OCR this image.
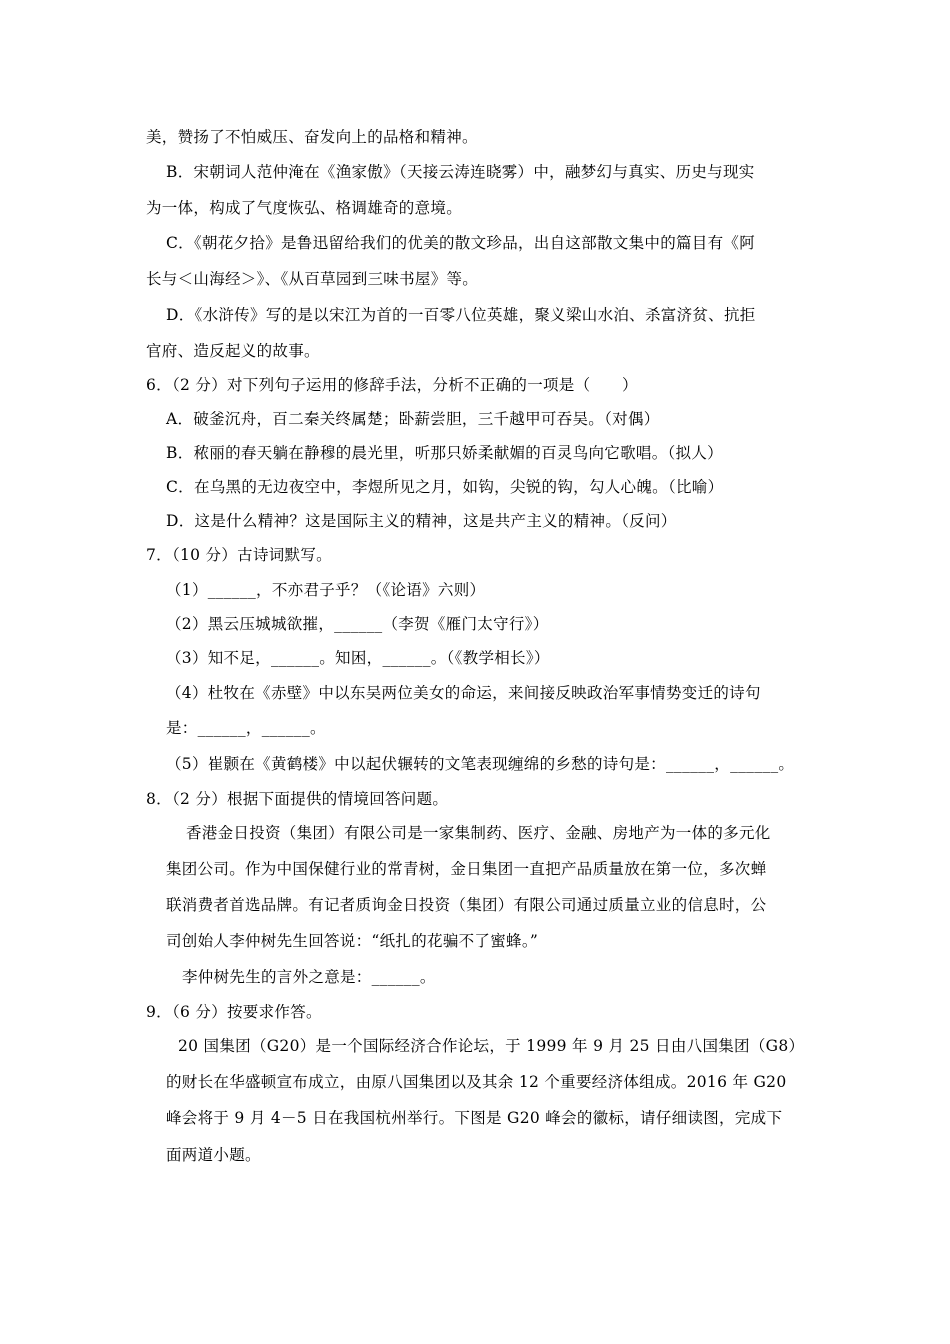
美，赞扬了不怕威压、奋发向上的品格和精神。
B．宋朝词人范仲淹在《渔家傲》（天接云涛连晓雾）中，融梦幻与真实、历史与现实
为一体，构成了气度恢弘、格调雄奇的意境。
C．《朝花夕拾》是鲁迅留给我们的优美的散文珍品，出自这部散文集中的篇目有《阿
长与＜山海经＞》、《从百草园到三味书屋》等。
D．《水浒传》写的是以宋江为首的一百零八位英雄，聚义梁山水泊、杀富济贫、抗拒
官府、造反起义的故事。
6．（2 分）对下列句子运用的修辞手法，分析不正确的一项是（　　）
A．破釜沉舟，百二秦关终属楚；卧薪尝胆，三千越甲可吞吴。（对偶）
B．秾丽的春天躺在静穆的晨光里，听那只娇柔献媚的百灵鸟向它歌唱。（拟人）
C．在乌黑的无边夜空中，李煜所见之月，如钩，尖锐的钩，勾人心魄。（比喻）
D．这是什么精神？这是国际主义的精神，这是共产主义的精神。（反问）
7．（10 分）古诗词默写。
（1）______，不亦君子乎？（《论语》六则）
（2）黑云压城城欲摧，______（李贺《雁门太守行》）
（3）知不足，______。知困，______。（《教学相长》）
（4）杜牧在《赤壁》中以东吴两位美女的命运，来间接反映政治军事情势变迁的诗句
是：______，______。
（5）崔颢在《黄鹤楼》中以起伏辗转的文笔表现缠绵的乡愁的诗句是：______，______。
8．（2 分）根据下面提供的情境回答问题。
香港金日投资（集团）有限公司是一家集制药、医疗、金融、房地产为一体的多元化
集团公司。作为中国保健行业的常青树，金日集团一直把产品质量放在第一位，多次蝉
联消费者首选品牌。有记者质询金日投资（集团）有限公司通过质量立业的信息时，公
司创始人李仲树先生回答说：“纸扎的花骗不了蜜蜂。”
李仲树先生的言外之意是：______。
9．（6 分）按要求作答。
20 国集团（G20）是一个国际经济合作论坛，于 1999 年 9 月 25 日由八国集团（G8）
的财长在华盛顿宣布成立，由原八国集团以及其余 12 个重要经济体组成。2016 年 G20
峰会将于 9 月 4－5 日在我国杭州举行。下图是 G20 峰会的徽标，请仔细读图，完成下
面两道小题。
